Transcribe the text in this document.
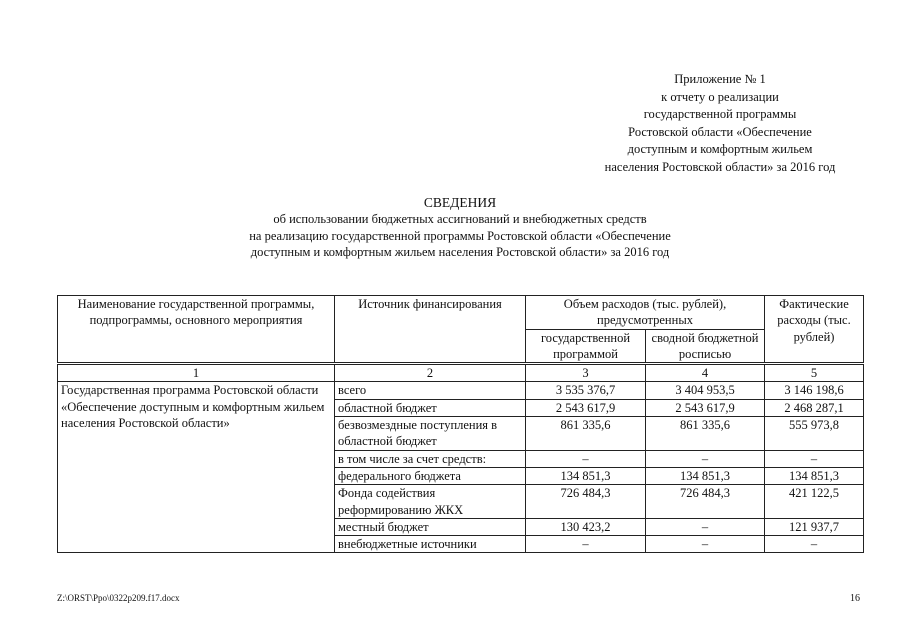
Приложение № 1
к отчету о реализации
государственной программы
Ростовской области «Обеспечение
доступным и комфортным жильем
населения Ростовской области» за 2016 год
СВЕДЕНИЯ
об использовании бюджетных ассигнований и внебюджетных средств
на реализацию государственной программы Ростовской области «Обеспечение
доступным и комфортным жильем населения Ростовской области» за 2016 год
Наименование государственной программы, подпрограммы, основного мероприятия	Источник финансирования	Объем расходов (тыс. рублей), предусмотренных		Фактические расходы (тыс. рублей)
		государственной программой	сводной бюджетной росписью	
1	2	3	4	5
Государственная программа Ростовской области «Обеспечение доступным и комфортным жильем населения Ростовской области»	всего	3 535 376,7	3 404 953,5	3 146 198,6
	областной бюджет	2 543 617,9	2 543 617,9	2 468 287,1
	безвозмездные поступления в областной бюджет	861 335,6	861 335,6	555 973,8
	в том числе за счет средств:	–	–	–
	федерального бюджета	134 851,3	134 851,3	134 851,3
	Фонда содействия реформированию ЖКХ	726 484,3	726 484,3	421 122,5
	местный бюджет	130 423,2	–	121 937,7
	внебюджетные источники	–	–	–
Z:\ORST\Ppo\0322p209.f17.docx	16
